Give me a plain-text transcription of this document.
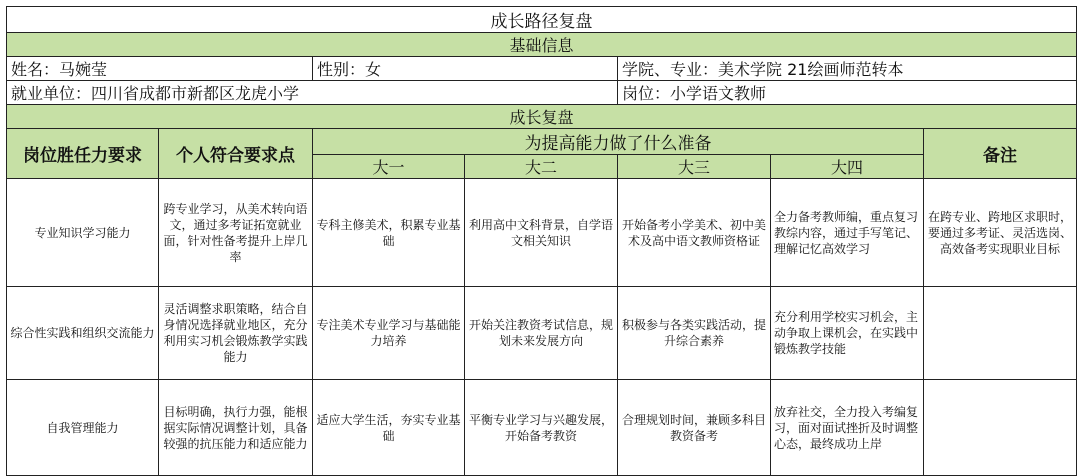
成长路径复盘						
基础信息						
姓名：马婉莹		性别：女		学院、专业：美术学院 21绘画师范转本		
就业单位：四川省成都市新都区龙虎小学				岗位：小学语文教师		
成长复盘						
岗位胜任力要求	个人符合要求点	为提高能力做了什么准备				备注
		大一	大二	大三	大四	
专业知识学习能力	跨专业学习，从美术转向语文，通过多考证拓宽就业面，针对性备考提升上岸几率	专科主修美术，积累专业基础	利用高中文科背景，自学语文相关知识	开始备考小学美术、初中美术及高中语文教师资格证	全力备考教师编，重点复习教综内容，通过手写笔记、理解记忆高效学习	在跨专业、跨地区求职时，要通过多考证、灵活选岗、高效备考实现职业目标
综合性实践和组织交流能力	灵活调整求职策略，结合自身情况选择就业地区，充分利用实习机会锻炼教学实践能力	专注美术专业学习与基础能力培养	开始关注教资考试信息，规划未来发展方向	积极参与各类实践活动，提升综合素养	充分利用学校实习机会，主动争取上课机会，在实践中锻炼教学技能	
自我管理能力	目标明确，执行力强，能根据实际情况调整计划，具备较强的抗压能力和适应能力	适应大学生活，夯实专业基础	平衡专业学习与兴趣发展，开始备考教资	合理规划时间，兼顾多科目教资备考	放弃社交，全力投入考编复习，面对面试挫折及时调整心态，最终成功上岸	
